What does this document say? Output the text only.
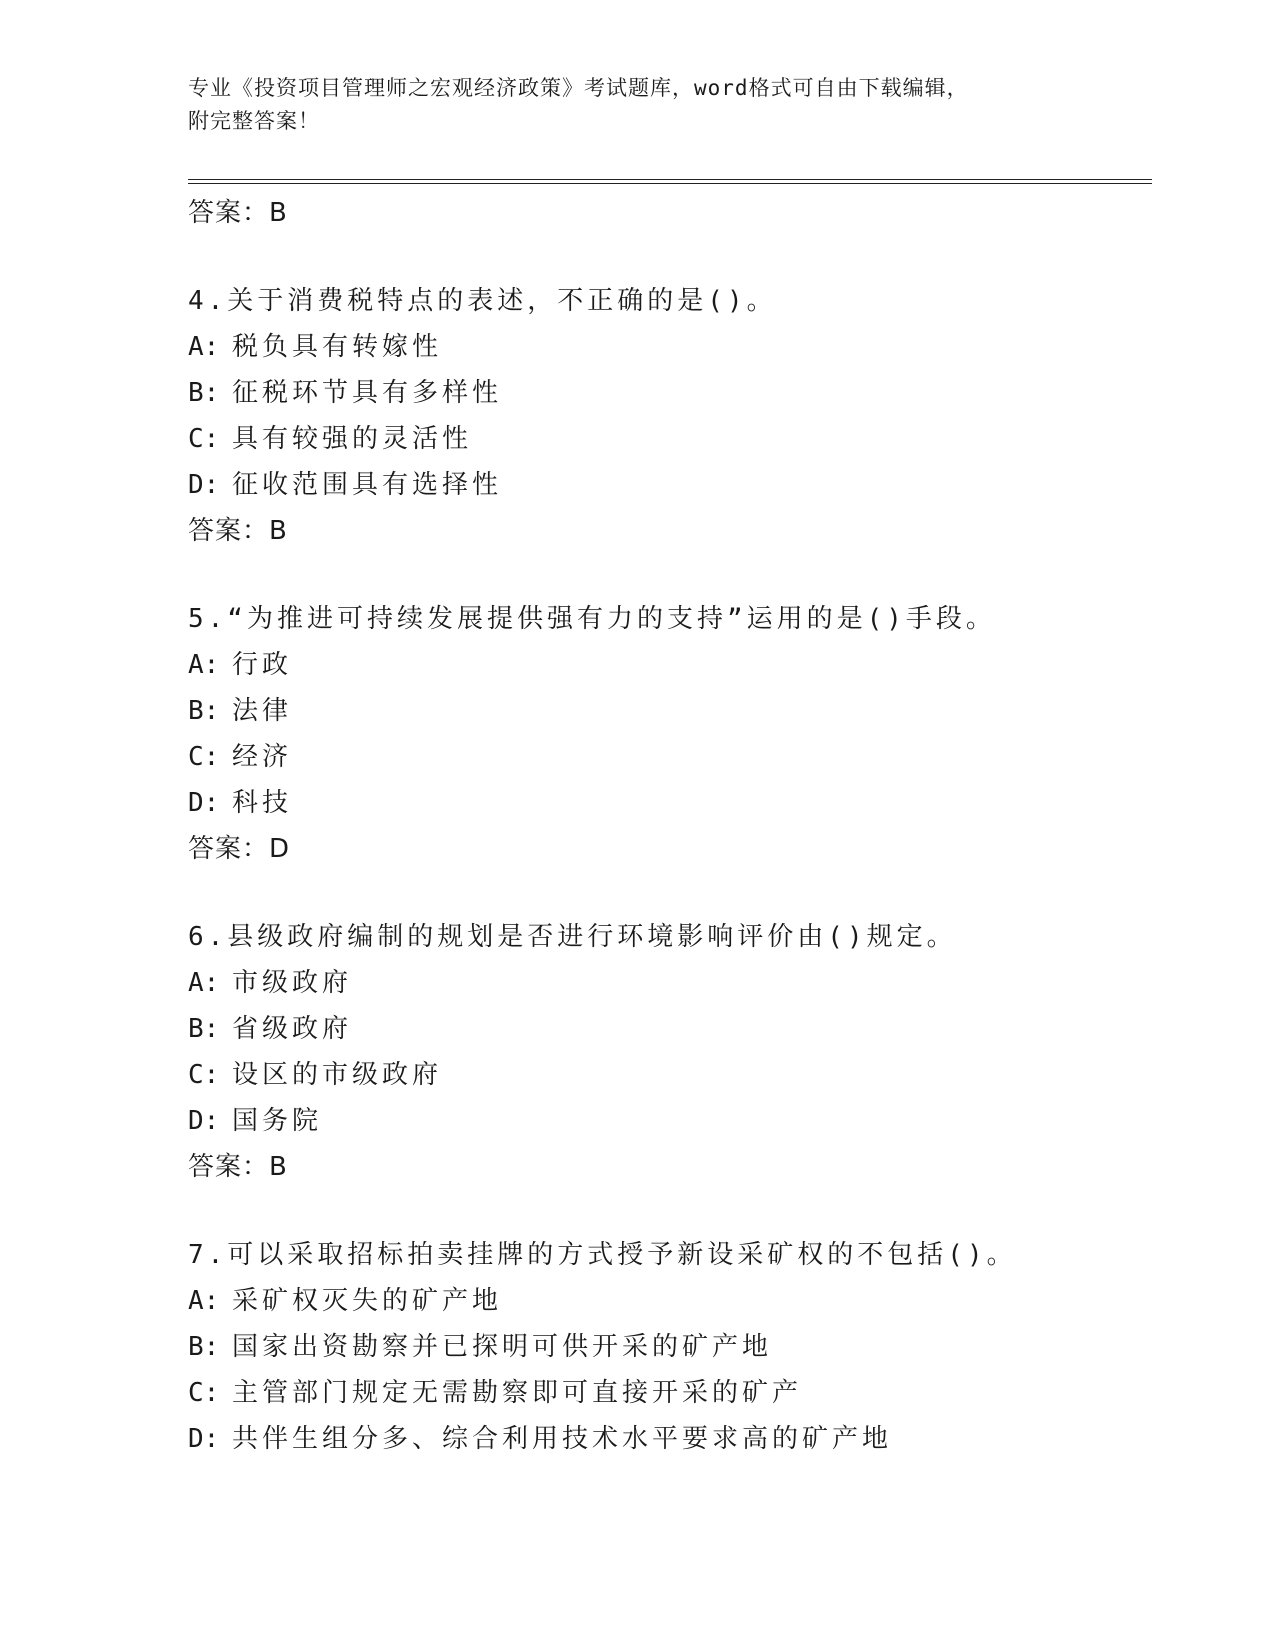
专业《投资项目管理师之宏观经济政策》考试题库，word格式可自由下载编辑，
附完整答案！
答案：B
4.关于消费税特点的表述，不正确的是()。
A: 税负具有转嫁性
B: 征税环节具有多样性
C: 具有较强的灵活性
D: 征收范围具有选择性
答案：B
5.“为推进可持续发展提供强有力的支持”运用的是()手段。
A: 行政
B: 法律
C: 经济
D: 科技
答案：D
6.县级政府编制的规划是否进行环境影响评价由()规定。
A: 市级政府
B: 省级政府
C: 设区的市级政府
D: 国务院
答案：B
7.可以采取招标拍卖挂牌的方式授予新设采矿权的不包括()。
A: 采矿权灭失的矿产地
B: 国家出资勘察并已探明可供开采的矿产地
C: 主管部门规定无需勘察即可直接开采的矿产
D: 共伴生组分多、综合利用技术水平要求高的矿产地
